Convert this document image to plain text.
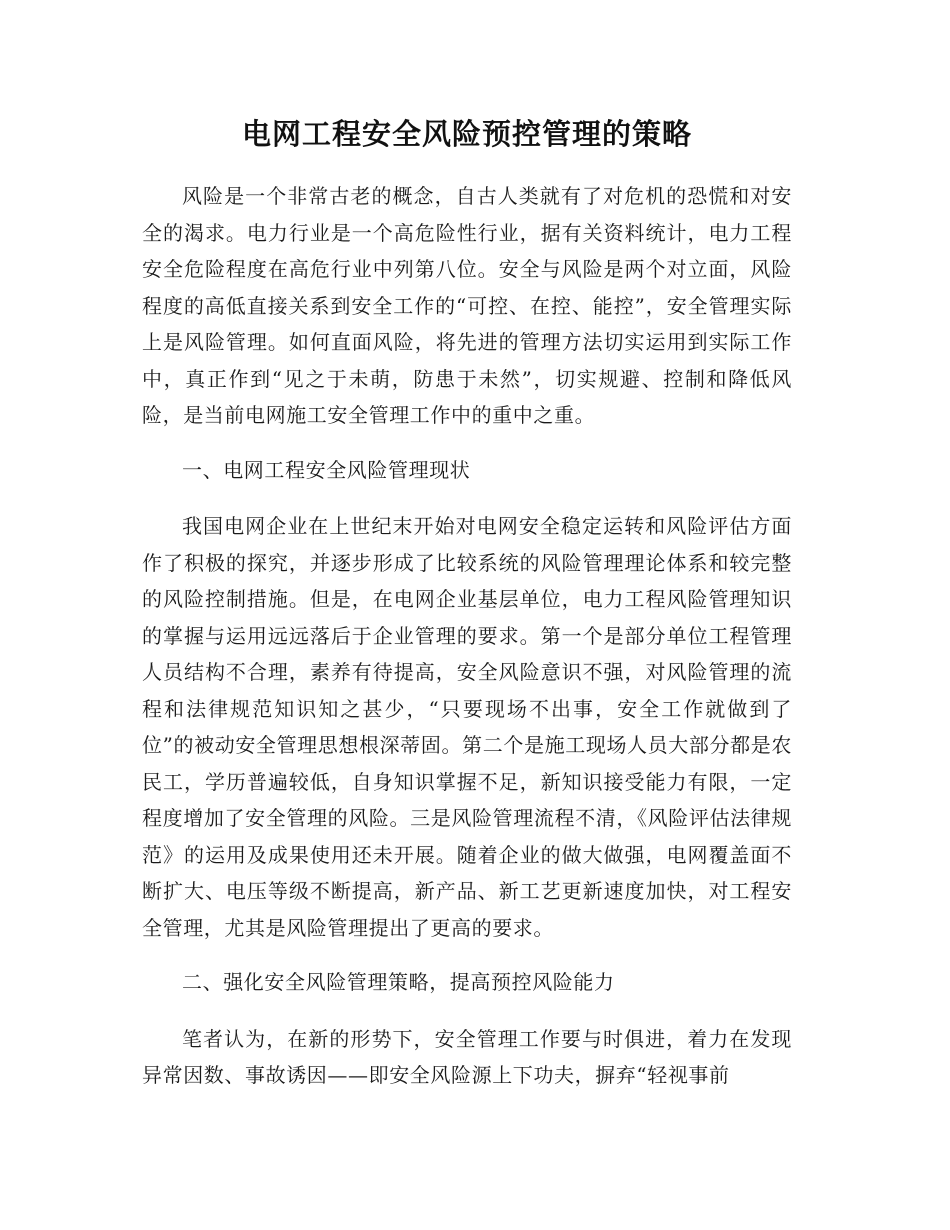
电网工程安全风险预控管理的策略

风险是一个非常古老的概念，自古人类就有了对危机的恐慌和对安全的渴求。电力行业是一个高危险性行业，据有关资料统计，电力工程安全危险程度在高危行业中列第八位。安全与风险是两个对立面，风险程度的高低直接关系到安全工作的“可控、在控、能控”，安全管理实际上是风险管理。如何直面风险，将先进的管理方法切实运用到实际工作中，真正作到“见之于未萌，防患于未然”，切实规避、控制和降低风险，是当前电网施工安全管理工作中的重中之重。

一、电网工程安全风险管理现状

我国电网企业在上世纪末开始对电网安全稳定运转和风险评估方面作了积极的探究，并逐步形成了比较系统的风险管理理论体系和较完整的风险控制措施。但是，在电网企业基层单位，电力工程风险管理知识的掌握与运用远远落后于企业管理的要求。第一个是部分单位工程管理人员结构不合理，素养有待提高，安全风险意识不强，对风险管理的流程和法律规范知识知之甚少，“只要现场不出事，安全工作就做到了位”的被动安全管理思想根深蒂固。第二个是施工现场人员大部分都是农民工，学历普遍较低，自身知识掌握不足，新知识接受能力有限，一定程度增加了安全管理的风险。三是风险管理流程不清，《风险评估法律规范》的运用及成果使用还未开展。随着企业的做大做强，电网覆盖面不断扩大、电压等级不断提高，新产品、新工艺更新速度加快，对工程安全管理，尤其是风险管理提出了更高的要求。

二、强化安全风险管理策略，提高预控风险能力

笔者认为，在新的形势下，安全管理工作要与时俱进，着力在发现异常因数、事故诱因——即安全风险源上下功夫，摒弃“轻视事前
